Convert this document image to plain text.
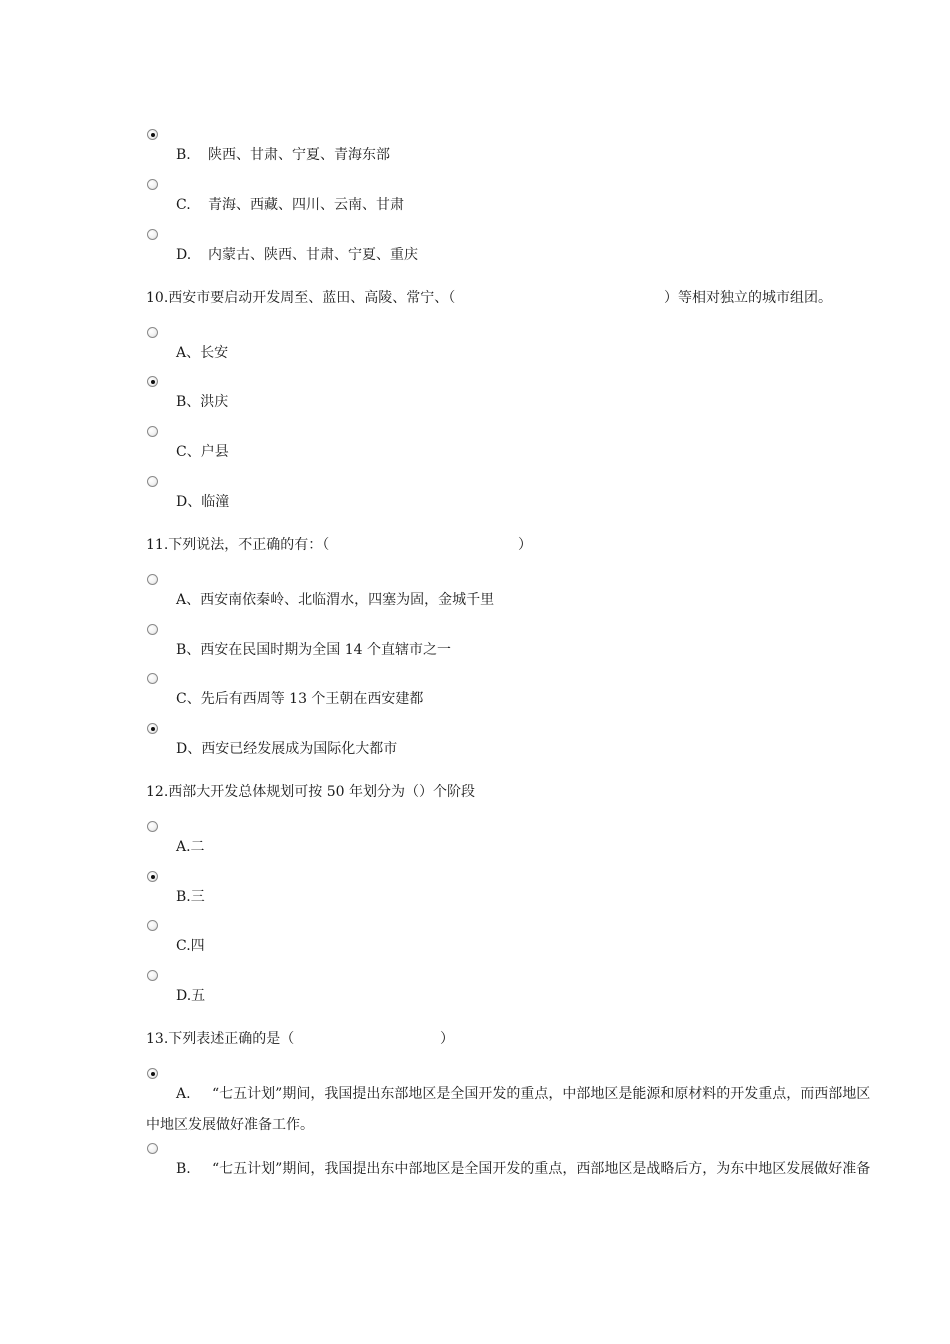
B. 陕西、甘肃、宁夏、青海东部
C. 青海、西藏、四川、云南、甘肃
D. 内蒙古、陕西、甘肃、宁夏、重庆
10.西安市要启动开发周至、蓝田、高陵、常宁、（	）等相对独立的城市组团。
A、长安
B、洪庆
C、户县
D、临潼
11.下列说法，不正确的有：（	）
A、西安南依秦岭、北临渭水，四塞为固，金城千里
B、西安在民国时期为全国 14 个直辖市之一
C、先后有西周等 13 个王朝在西安建都
D、西安已经发展成为国际化大都市
12.西部大开发总体规划可按 50 年划分为（）个阶段
A.二
B.三
C.四
D.五
13.下列表述正确的是（	）
A. “七五计划”期间，我国提出东部地区是全国开发的重点，中部地区是能源和原材料的开发重点，而西部地区
中地区发展做好准备工作。
B. “七五计划”期间，我国提出东中部地区是全国开发的重点，西部地区是战略后方，为东中地区发展做好准备
